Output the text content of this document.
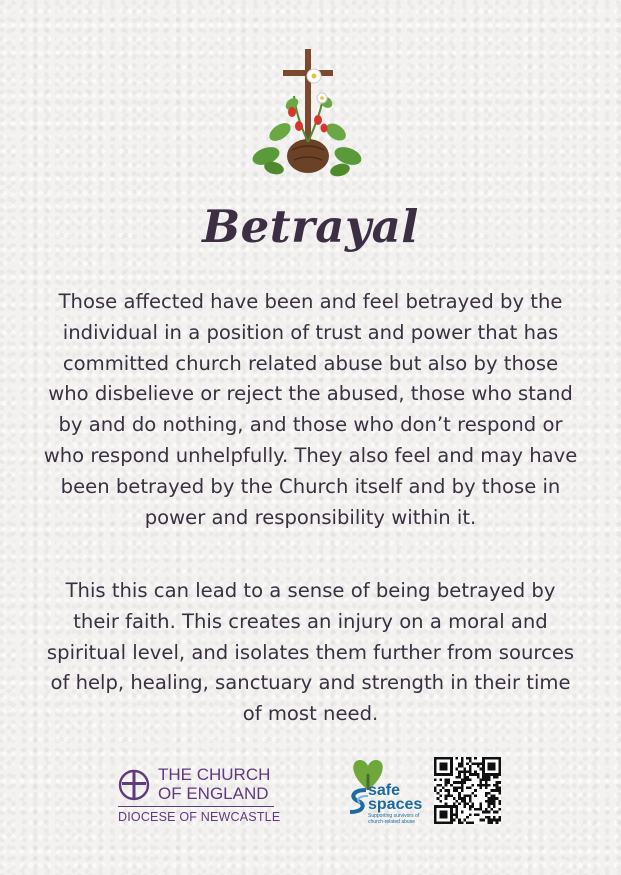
Betrayal

Those affected have been and feel betrayed by the individual in a position of trust and power that has committed church related abuse but also by those who disbelieve or reject the abused, those who stand by and do nothing, and those who don’t respond or who respond unhelpfully. They also feel and may have been betrayed by the Church itself and by those in power and responsibility within it.

This this can lead to a sense of being betrayed by their faith. This creates an injury on a moral and spiritual level, and isolates them further from sources of help, healing, sanctuary and strength in their time of most need.

THE CHURCH
OF ENGLAND
DIOCESE OF NEWCASTLE
safe
spaces
Supporting survivors of church-related abuse
